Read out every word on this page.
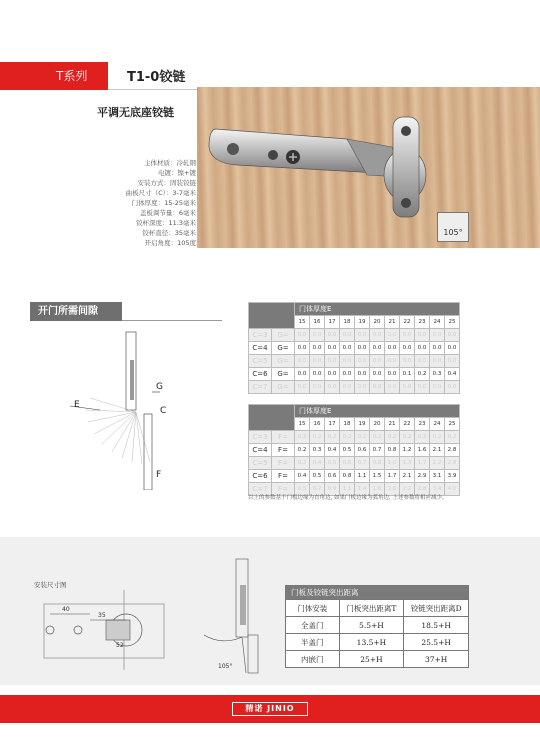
T系列	T1-0铰链
平调无底座铰链
105°
主体材质：冷轧钢
电镀：镍+镀
安装方式：固装铰链
曲板尺寸（C）：3-7毫米
门体厚度：15-25毫米
盖板调节量：6毫米
铰杯深度：11.3毫米
铰杯直径：35毫米
开启角度：105度
开门所需间隙
E
G
C
F
		门体厚度E										
		15	16	17	18	19	20	21	22	23	24	25
C=3	G=	0.0	0.0	0.0	0.0	0.0	0.0	0.0	0.0	0.0	0.0	0.0
C=4	G=	0.0	0.0	0.0	0.0	0.0	0.0	0.0	0.0	0.0	0.0	0.0
C=5	G=	0.0	0.0	0.0	0.0	0.0	0.0	0.0	0.0	0.0	0.0	0.0
C=6	G=	0.0	0.0	0.0	0.0	0.0	0.0	0.0	0.1	0.2	0.3	0.4
C=7	G=	0.0	0.0	0.0	0.0	0.0	0.0	0.0	0.0	0.0	0.0	0.0
		门体厚度E										
		15	16	17	18	19	20	21	22	23	24	25
C=3	F=	0.2	0.2	0.2	0.2	0.2	0.2	0.2	0.2	0.2	0.2	0.2
C=4	F=	0.2	0.3	0.4	0.5	0.6	0.7	0.8	1.2	1.6	2.1	2.8
C=5	F=	0.3	0.4	0.5	0.6	0.7	0.8	1.0	1.3	1.7	2.2	2.8
C=6	F=	0.4	0.5	0.6	0.8	1.1	1.5	1.7	2.1	2.9	3.1	3.9
C=7	F=	0.5	0.7	0.9	1.1	1.4	1.6	1.8	2.2	2.8	3.4	4.0
以上的参数基于门板边缘为直角边, 如果门板边缘为弧角边, 上述参数将相应减少。
安装尺寸图
40
35
52
105°
门板及铰链突出距离		
门体安装	门板突出距离T	铰链突出距离D
全盖门	5.5+H	18.5+H
半盖门	13.5+H	25.5+H
内嵌门	25+H	37+H
精诺 JINIO
